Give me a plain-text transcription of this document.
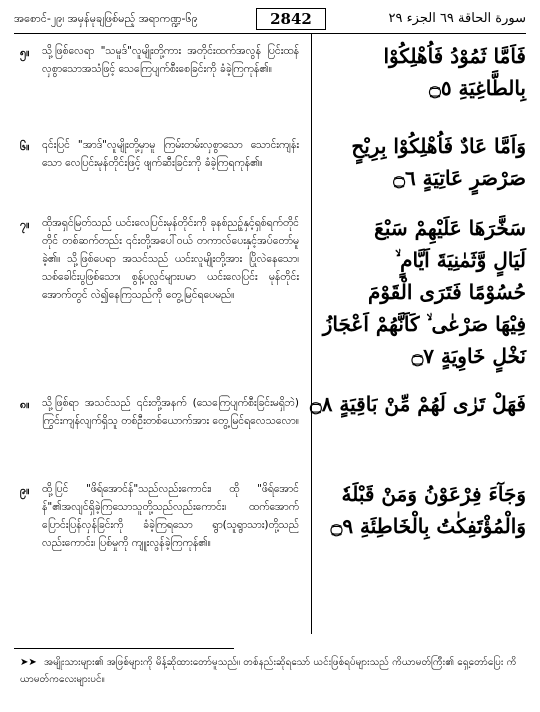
အစောင်-၂၉၊ အမှန်မုချဖြစ်မည့် အရာကဏ္ဍ-၆၉	2842	سورة الحاقة ٦٩ الجزء ٢٩
၅။ သို့ဖြစ်လေရာ "သမူဒ်"လူမျိုးတို့ကား အတိုင်းထက်အလွန် ပြင်းထန်လှစွာသောအသံဖြင့် သေကြေပျက်စီးစေခြင်းကို ခံခဲ့ကြကုန်၏။

فَاَمَّا ثَمُوْدُ فَاُهْلِكُوْا
بِالطَّاغِيَةِ ۝٥
၆။ ၎င်းပြင် "အာဒ်"လူမျိုးတို့မှာမူ ကြမ်းတမ်းလှစွာသော သောင်းကျန်းသော လေပြင်းမုန်တိုင်းဖြင့် ဖျက်ဆီးခြင်းကို ခံခဲ့ကြရကုန်၏။

وَاَمَّا عَادٌ فَاُهْلِكُوْا بِرِيْحٍ
صَرْصَرٍ عَاتِيَةٍ ۝٦
၇။ ထိုအရှင်မြတ်သည် ယင်းလေပြင်းမုန်တိုင်းကို ခုနစ်ညဉ့်နှင့်ရှစ်ရက်တိုင်တိုင် တစ်ဆက်တည်း ၎င်းတို့အပေါ်ဝယ် တကာလ်ပေးနှင့်အပ်တော်မူခဲ့၏။ သို့ဖြစ်ပေရာ အသင်သည် ယင်းလူမျိုးတို့အား ပြိုလဲနေသော၊ သစ်ခေါင်းပွဖြစ်သော၊ စွန့်ပလ္လင်များပမာ ယင်းလေပြင်း မုန်တိုင်းအောက်တွင် လဲ၍နေကြသည်ကို တွေ့မြင်ရပေမည်။

سَخَّرَهَا عَلَيْهِمْ سَبْعَ
لَيَالٍ وَّثَمٰنِيَةَ اَيَّامٍ ۙ
حُسُوْمًا فَتَرَى الْقَوْمَ
فِيْهَا صَرْعٰى ۙ كَاَنَّهُمْ اَعْجَازُ
نَخْلٍ خَاوِيَةٍ ۝٧
၈။ သို့ဖြစ်ရာ အသင်သည် ၎င်းတို့အနက် (သေကြေပျက်စီးခြင်းမရှိဘဲ) ကြွင်းကျန်လျက်ရှိသူ တစ်ဦးတစ်ယောက်အား တွေ့မြင်ရလေသလော။

فَهَلْ تَرٰى لَهُمْ مِّنْ بَاقِيَةٍ ۝٨
၉။ ထို့ပြင် "ဖိရ်အောင်န်"သည်လည်းကောင်း၊ ထို "ဖိရ်အောင်န်"၏အလျင်ရှိခဲ့ကြသောသူတို့သည်လည်းကောင်း၊ ထက်အောက် ပြောင်းပြန်လှန်ခြင်းကို ခံခဲ့ကြရသော ရွာ(သူရွာသား)တို့သည်လည်းကောင်း၊ ပြစ်မှုကို ကျူးလွန်ခဲ့ကြကုန်၏။

وَجَآءَ فِرْعَوْنُ وَمَنْ قَبْلَهٗ
وَالْمُؤْتَفِكٰتُ بِالْخَاطِئَةِ ۝٩
➤➤ အမျိုးသားများ၏ အဖြစ်များကို မိန့်ဆိုထားတော်မူသည်။ တစ်နည်းဆိုရသော် ယင်းဖြစ်ရပ်များသည် ကိယာမတ်ကြီး၏ ရှေ့တော်ပြေး ကိယာမတ်ကလေးများပင်။
